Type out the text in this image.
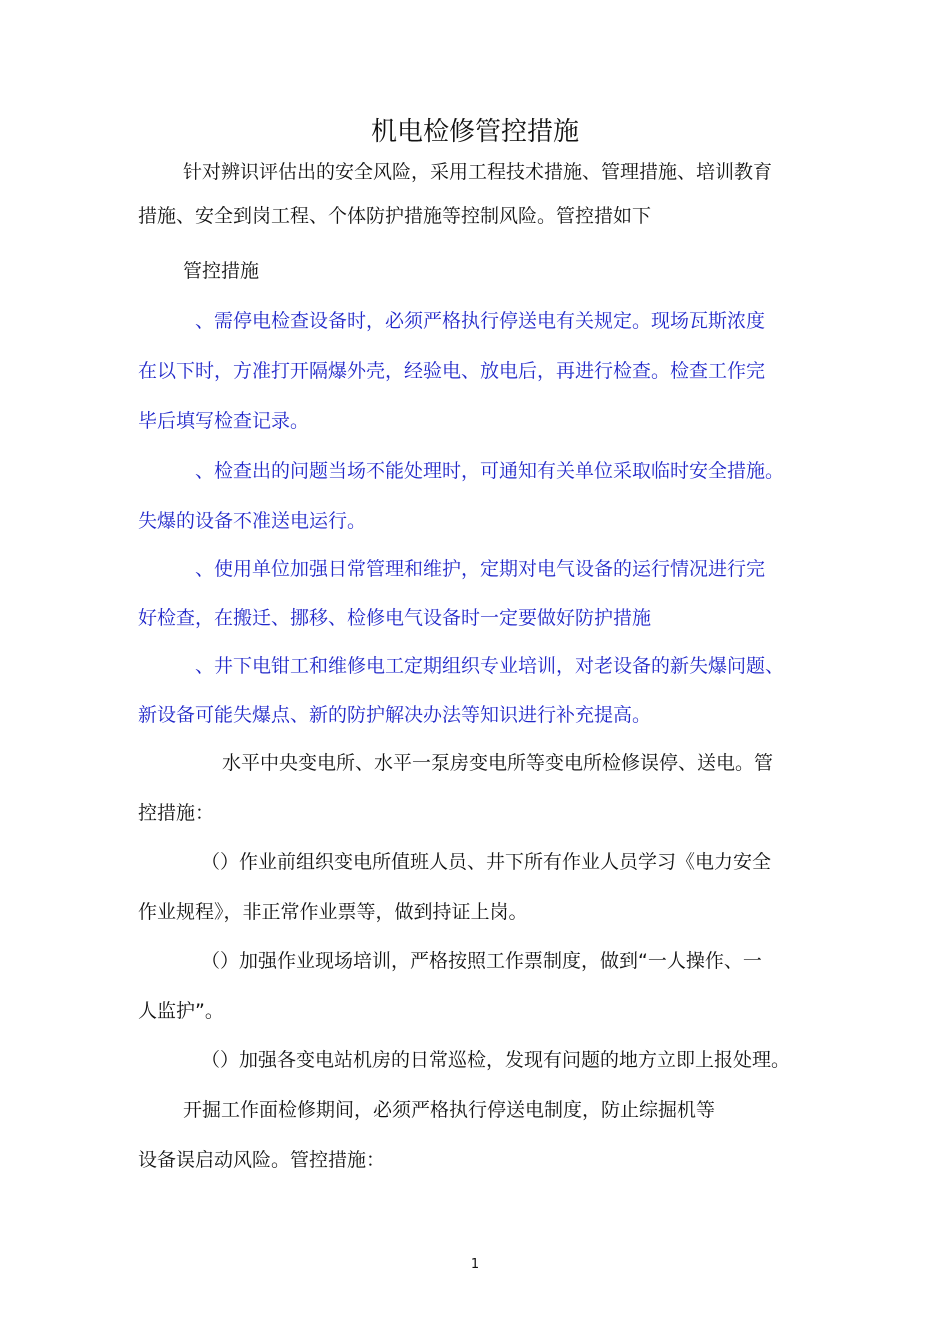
机电检修管控措施
针对辨识评估出的安全风险，采用工程技术措施、管理措施、培训教育
措施、安全到岗工程、个体防护措施等控制风险。管控措如下
管控措施
、需停电检查设备时，必须严格执行停送电有关规定。现场瓦斯浓度
在以下时，方准打开隔爆外壳，经验电、放电后，再进行检查。检查工作完
毕后填写检查记录。
、检查出的问题当场不能处理时，可通知有关单位采取临时安全措施。
失爆的设备不准送电运行。
、使用单位加强日常管理和维护，定期对电气设备的运行情况进行完
好检查，在搬迁、挪移、检修电气设备时一定要做好防护措施
、井下电钳工和维修电工定期组织专业培训，对老设备的新失爆问题、
新设备可能失爆点、新的防护解决办法等知识进行补充提高。
水平中央变电所、水平一泵房变电所等变电所检修误停、送电。管
控措施：
（）作业前组织变电所值班人员、井下所有作业人员学习《电力安全
作业规程》，非正常作业票等，做到持证上岗。
（）加强作业现场培训，严格按照工作票制度，做到“一人操作、一
人监护”。
（）加强各变电站机房的日常巡检，发现有问题的地方立即上报处理。
开掘工作面检修期间，必须严格执行停送电制度，防止综掘机等
设备误启动风险。管控措施：
1
